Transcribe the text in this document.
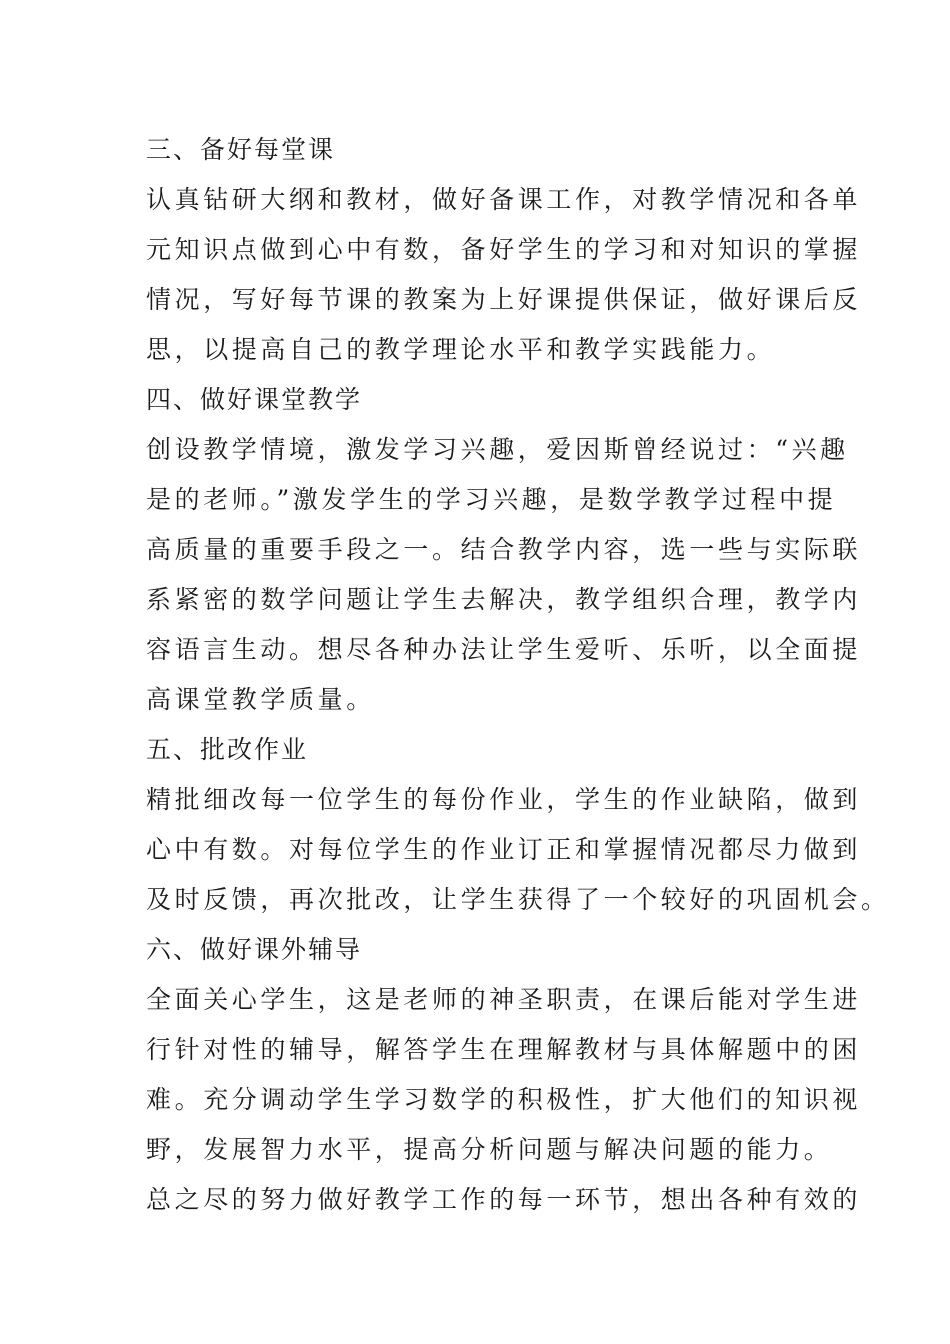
三、备好每堂课
认真钻研大纲和教材，做好备课工作，对教学情况和各单
元知识点做到心中有数，备好学生的学习和对知识的掌握
情况，写好每节课的教案为上好课提供保证，做好课后反
思，以提高自己的教学理论水平和教学实践能力。
四、做好课堂教学
创设教学情境，激发学习兴趣，爱因斯曾经说过：“兴趣
是的老师。”激发学生的学习兴趣，是数学教学过程中提
高质量的重要手段之一。结合教学内容，选一些与实际联
系紧密的数学问题让学生去解决，教学组织合理，教学内
容语言生动。想尽各种办法让学生爱听、乐听，以全面提
高课堂教学质量。
五、批改作业
精批细改每一位学生的每份作业，学生的作业缺陷，做到
心中有数。对每位学生的作业订正和掌握情况都尽力做到
及时反馈，再次批改，让学生获得了一个较好的巩固机会。
六、做好课外辅导
全面关心学生，这是老师的神圣职责，在课后能对学生进
行针对性的辅导，解答学生在理解教材与具体解题中的困
难。充分调动学生学习数学的积极性，扩大他们的知识视
野，发展智力水平，提高分析问题与解决问题的能力。
总之尽的努力做好教学工作的每一环节，想出各种有效的
